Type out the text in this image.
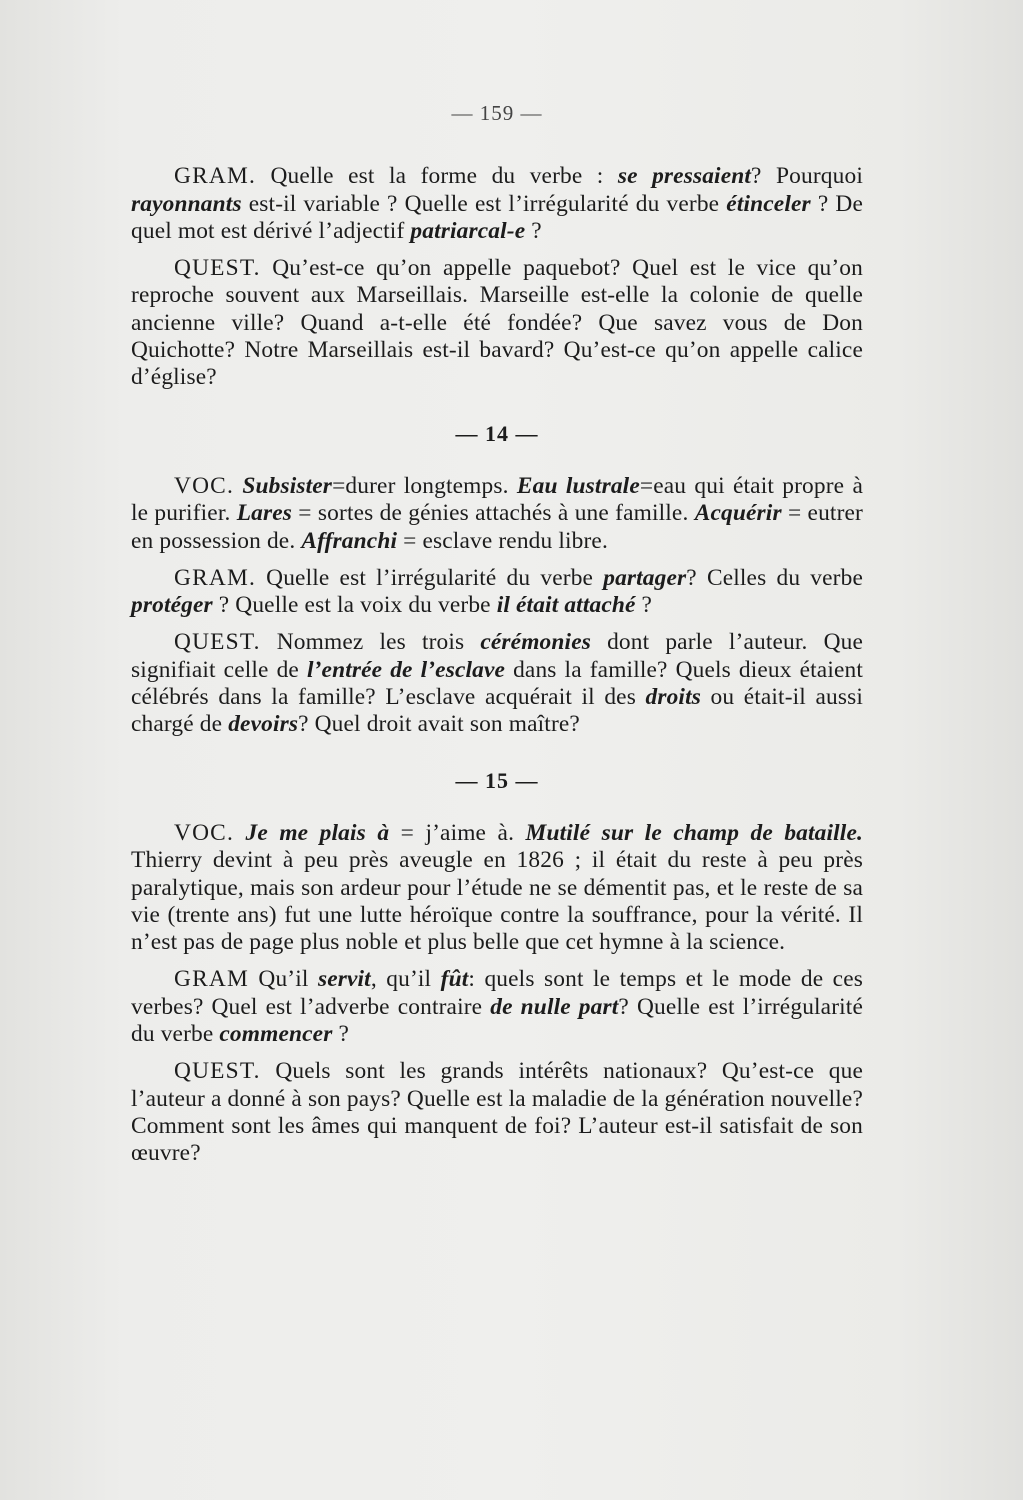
— 159 —

GRAM. Quelle est la forme du verbe : se pressaient? Pourquoi rayonnants est-il variable ? Quelle est l’irrégularité du verbe étinceler ? De quel mot est dérivé l’adjectif patriarcal-e ?

QUEST. Qu’est-ce qu’on appelle paquebot? Quel est le vice qu’on reproche souvent aux Marseillais. Marseille est-elle la colonie de quelle ancienne ville? Quand a-t-elle été fondée? Que savez vous de Don Quichotte? Notre Marseillais est-il bavard? Qu’est-ce qu’on appelle calice d’église?

— 14 —

VOC. Subsister=durer longtemps. Eau lustrale=eau qui était propre à le purifier. Lares = sortes de génies attachés à une famille. Acquérir = eutrer en possession de. Affranchi = esclave rendu libre.

GRAM. Quelle est l’irrégularité du verbe partager? Celles du verbe protéger ? Quelle est la voix du verbe il était attaché ?

QUEST. Nommez les trois cérémonies dont parle l’auteur. Que signifiait celle de l’entrée de l’esclave dans la famille? Quels dieux étaient célébrés dans la famille? L’esclave acquérait il des droits ou était-il aussi chargé de devoirs? Quel droit avait son maître?

— 15 —

VOC. Je me plais à = j’aime à. Mutilé sur le champ de bataille. Thierry devint à peu près aveugle en 1826 ; il était du reste à peu près paralytique, mais son ardeur pour l’étude ne se démentit pas, et le reste de sa vie (trente ans) fut une lutte héroïque contre la souffrance, pour la vérité. Il n’est pas de page plus noble et plus belle que cet hymne à la science.

GRAM Qu’il servit, qu’il fût: quels sont le temps et le mode de ces verbes? Quel est l’adverbe contraire de nulle part? Quelle est l’irrégularité du verbe commencer ?

QUEST. Quels sont les grands intérêts nationaux? Qu’est-ce que l’auteur a donné à son pays? Quelle est la maladie de la génération nouvelle? Comment sont les âmes qui manquent de foi? L’auteur est-il satisfait de son œuvre?
